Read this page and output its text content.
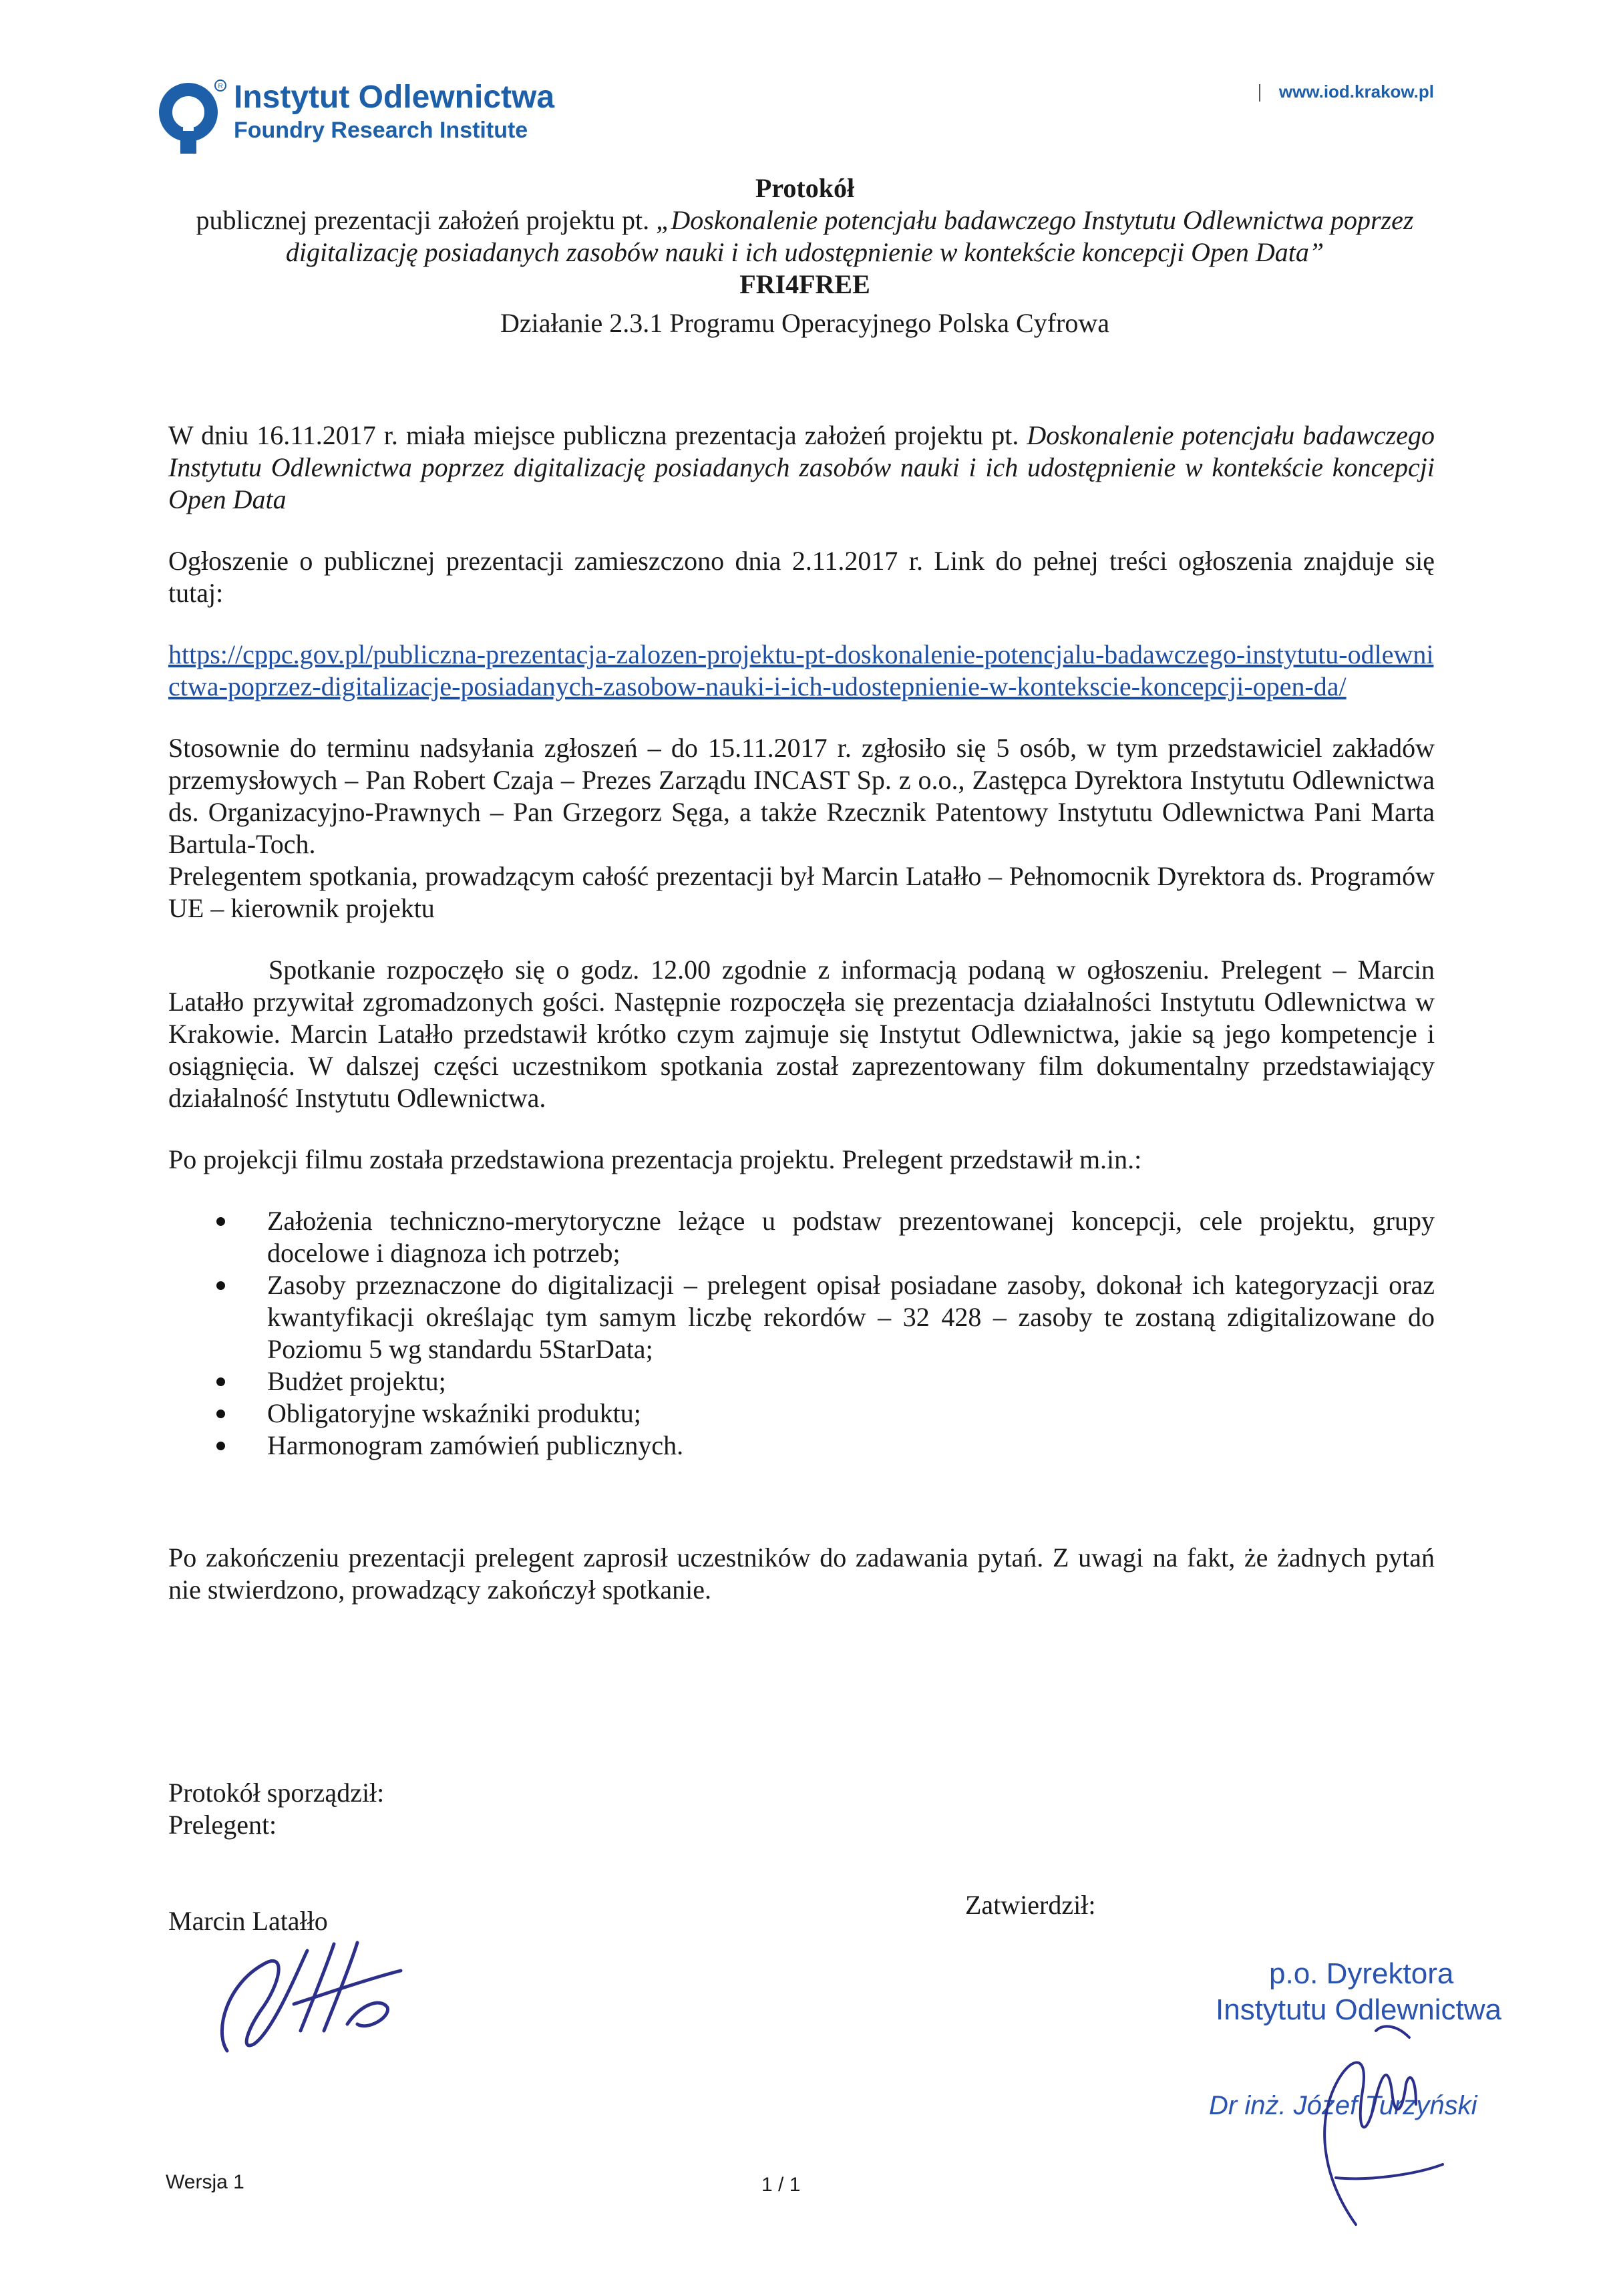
R Instytut Odlewnictwa
Foundry Research Institute
www.iod.krakow.pl
Protokół
publicznej prezentacji założeń projektu pt. „Doskonalenie potencjału badawczego Instytutu Odlewnictwa poprzez digitalizację posiadanych zasobów nauki i ich udostępnienie w kontekście koncepcji Open Data”
FRI4FREE
Działanie 2.3.1 Programu Operacyjnego Polska Cyfrowa

W dniu 16.11.2017 r. miała miejsce publiczna prezentacja założeń projektu pt. Doskonalenie potencjału badawczego Instytutu Odlewnictwa poprzez digitalizację posiadanych zasobów nauki i ich udostępnienie w kontekście koncepcji Open Data

Ogłoszenie o publicznej prezentacji zamieszczono dnia 2.11.2017 r. Link do pełnej treści ogłoszenia znajduje się tutaj:

https://cppc.gov.pl/publiczna-prezentacja-zalozen-projektu-pt-doskonalenie-potencjalu-badawczego-instytutu-odlewnictwa-poprzez-digitalizacje-posiadanych-zasobow-nauki-i-ich-udostepnienie-w-kontekscie-koncepcji-open-da/

Stosownie do terminu nadsyłania zgłoszeń – do 15.11.2017 r. zgłosiło się 5 osób, w tym przedstawiciel zakładów przemysłowych – Pan Robert Czaja – Prezes Zarządu INCAST Sp. z o.o., Zastępca Dyrektora Instytutu Odlewnictwa ds. Organizacyjno-Prawnych – Pan Grzegorz Sęga, a także Rzecznik Patentowy Instytutu Odlewnictwa Pani Marta Bartula-Toch.

Prelegentem spotkania, prowadzącym całość prezentacji był Marcin Latałło – Pełnomocnik Dyrektora ds. Programów UE – kierownik projektu

Spotkanie rozpoczęło się o godz. 12.00 zgodnie z informacją podaną w ogłoszeniu. Prelegent – Marcin Latałło przywitał zgromadzonych gości. Następnie rozpoczęła się prezentacja działalności Instytutu Odlewnictwa w Krakowie. Marcin Latałło przedstawił krótko czym zajmuje się Instytut Odlewnictwa, jakie są jego kompetencje i osiągnięcia. W dalszej części uczestnikom spotkania został zaprezentowany film dokumentalny przedstawiający działalność Instytutu Odlewnictwa.

Po projekcji filmu została przedstawiona prezentacja projektu. Prelegent przedstawił m.in.:

Założenia techniczno-merytoryczne leżące u podstaw prezentowanej koncepcji, cele projektu, grupy docelowe i diagnoza ich potrzeb;
Zasoby przeznaczone do digitalizacji – prelegent opisał posiadane zasoby, dokonał ich kategoryzacji oraz kwantyfikacji określając tym samym liczbę rekordów – 32 428 – zasoby te zostaną zdigitalizowane do Poziomu 5 wg standardu 5StarData;
Budżet projektu;
Obligatoryjne wskaźniki produktu;
Harmonogram zamówień publicznych.

Po zakończeniu prezentacji prelegent zaprosił uczestników do zadawania pytań. Z uwagi na fakt, że żadnych pytań nie stwierdzono, prowadzący zakończył spotkanie.

Protokół sporządził:
Prelegent:
Marcin Latałło
Zatwierdził:
p.o. Dyrektora
Instytutu Odlewnictwa
Dr inż. Józef Turzyński
Wersja 1	1 / 1
